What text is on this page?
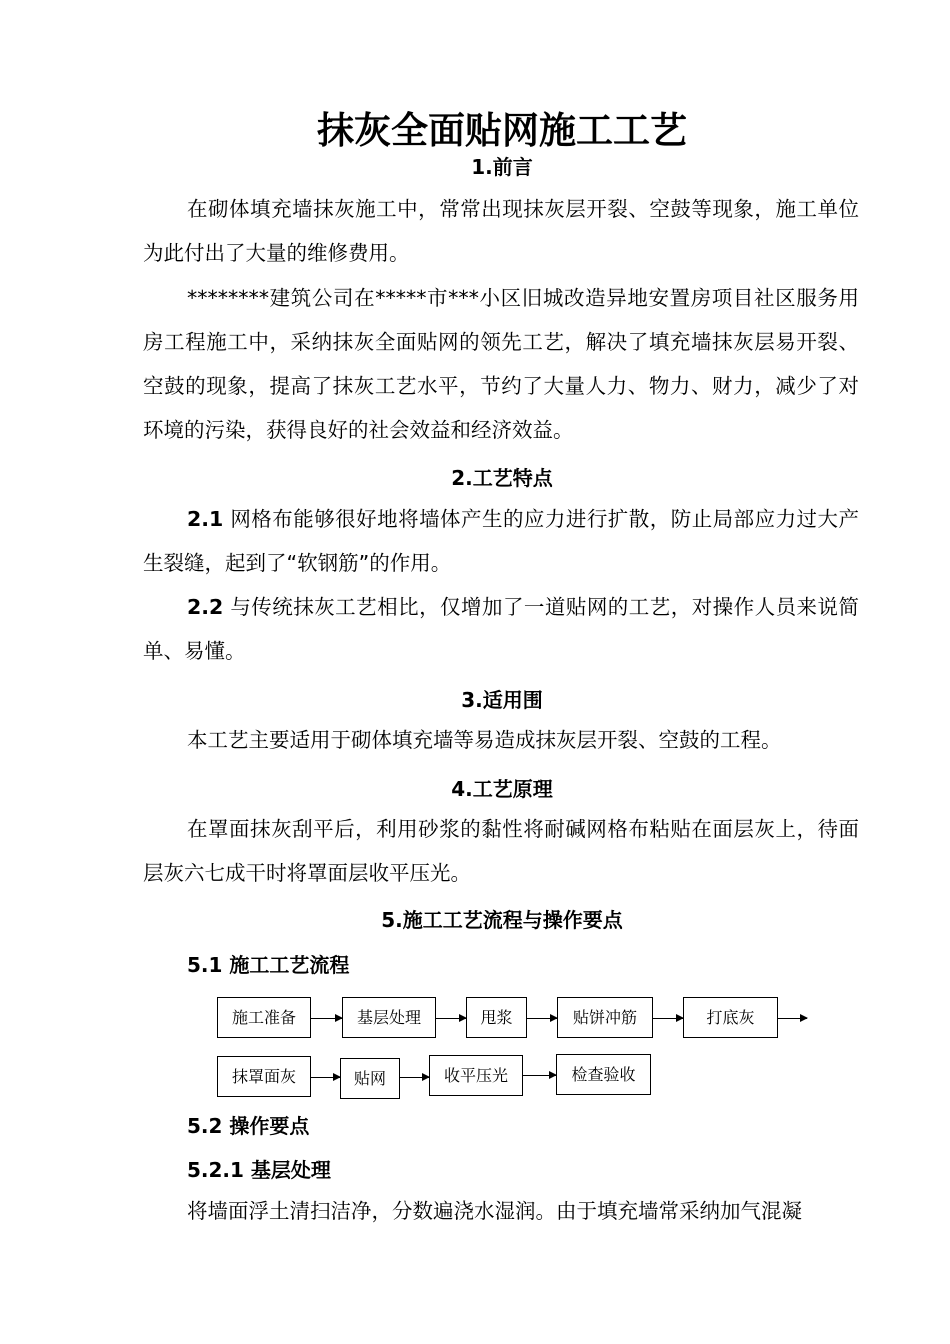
抹灰全面贴网施工工艺
1.前言

在砌体填充墙抹灰施工中，常常出现抹灰层开裂、空鼓等现象，施工单位为此付出了大量的维修费用。

********建筑公司在*****市***小区旧城改造异地安置房项目社区服务用房工程施工中，采纳抹灰全面贴网的领先工艺，解决了填充墙抹灰层易开裂、空鼓的现象，提高了抹灰工艺水平，节约了大量人力、物力、财力，减少了对环境的污染，获得良好的社会效益和经济效益。

2.工艺特点

2.1 网格布能够很好地将墙体产生的应力进行扩散，防止局部应力过大产生裂缝，起到了“软钢筋”的作用。

2.2 与传统抹灰工艺相比，仅增加了一道贴网的工艺，对操作人员来说简单、易懂。

3.适用围

本工艺主要适用于砌体填充墙等易造成抹灰层开裂、空鼓的工程。

4.工艺原理

在罩面抹灰刮平后，利用砂浆的黏性将耐碱网格布粘贴在面层灰上，待面层灰六七成干时将罩面层收平压光。

5.施工工艺流程与操作要点
5.1 施工工艺流程
施工准备	基层处理	甩浆	贴饼冲筋	打底灰
抹罩面灰	贴网	收平压光	检查验收
5.2 操作要点
5.2.1 基层处理

将墙面浮土清扫洁净，分数遍浇水湿润。由于填充墙常采纳加气混凝
